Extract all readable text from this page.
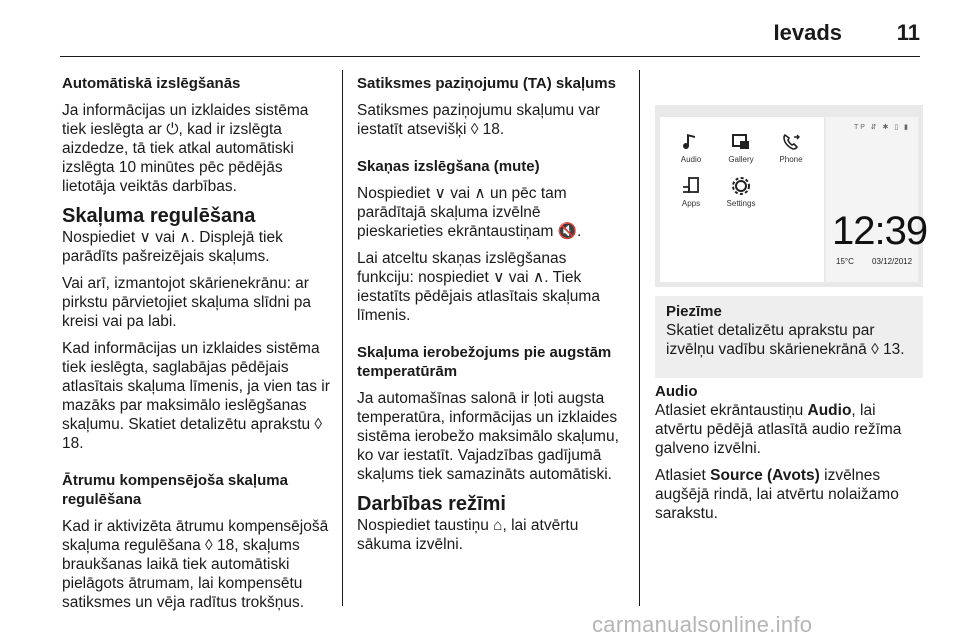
Ievads 11

Automātiskā izslēgšanās

Ja informācijas un izklaides sistēma tiek ieslēgta ar ⏻, kad ir izslēgta aizdedze, tā tiek atkal automātiski izslēgta 10 minūtes pēc pēdējās lietotāja veiktās darbības.

Skaļuma regulēšana

Nospiediet ∨ vai ∧. Displejā tiek parādīts pašreizējais skaļums.

Vai arī, izmantojot skārienekrānu: ar pirkstu pārvietojiet skaļuma slīdni pa kreisi vai pa labi.

Kad informācijas un izklaides sistēma tiek ieslēgta, saglabājas pēdējais atlasītais skaļuma līmenis, ja vien tas ir mazāks par maksimālo ieslēgšanas skaļumu. Skatiet detalizētu aprakstu ◊ 18.

Ātrumu kompensējoša skaļuma regulēšana

Kad ir aktivizēta ātrumu kompensējošā skaļuma regulēšana ◊ 18, skaļums braukšanas laikā tiek automātiski pielāgots ātrumam, lai kompensētu satiksmes un vēja radītus trokšņus.

Satiksmes paziņojumu (TA) skaļums

Satiksmes paziņojumu skaļumu var iestatīt atsevišķi ◊ 18.

Skaņas izslēgšana (mute)

Nospiediet ∨ vai ∧ un pēc tam parādītajā skaļuma izvēlnē pieskarieties ekrāntaustiņam 🔇.

Lai atceltu skaņas izslēgšanas funkciju: nospiediet ∨ vai ∧. Tiek iestatīts pēdējais atlasītais skaļuma līmenis.

Skaļuma ierobežojums pie augstām temperatūrām

Ja automašīnas salonā ir ļoti augsta temperatūra, informācijas un izklaides sistēma ierobežo maksimālo skaļumu, ko var iestatīt. Vajadzības gadījumā skaļums tiek samazināts automātiski.

Darbības režīmi

Nospiediet taustiņu ⌂, lai atvērtu sākuma izvēlni.

Audio	Gallery	Phone
Apps	Settings
TP ⇵ ✱ ▯ ▮
12:39
15°C 03/12/2012

Piezīme

Skatiet detalizētu aprakstu par izvēlņu vadību skārienekrānā ◊ 13.

Audio

Atlasiet ekrāntaustiņu Audio, lai atvērtu pēdējā atlasītā audio režīma galveno izvēlni.

Atlasiet Source (Avots) izvēlnes augšējā rindā, lai atvērtu nolaižamo sarakstu.

carmanualsonline.info
